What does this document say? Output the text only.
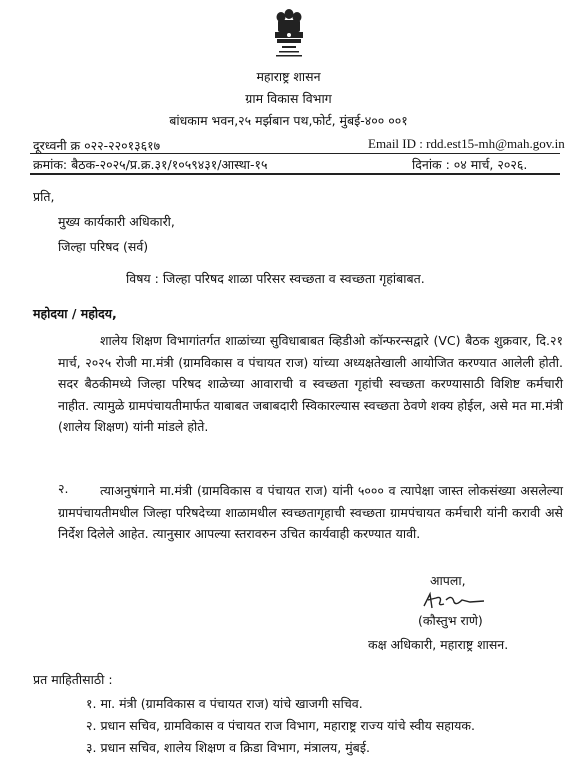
महाराष्ट्र शासन
ग्राम विकास विभाग
बांधकाम भवन,२५ मर्झबान पथ,फोर्ट, मुंबई-४०० ००१
दूरध्वनी क्र ०२२-२२०१३६१७	Email ID : rdd.est15-mh@mah.gov.in
क्रमांक: बैठक-२०२५/प्र.क्र.३१/१०५९४३१/आस्था-१५	दिनांक : ०४ मार्च, २०२६.
प्रति,
मुख्य कार्यकारी अधिकारी,
जिल्हा परिषद (सर्व)
विषय : जिल्हा परिषद शाळा परिसर स्वच्छता व स्वच्छता गृहांबाबत.
महोदया / महोदय,
शालेय शिक्षण विभागांतर्गत शाळांच्या सुविधाबाबत व्हिडीओ कॉन्फरन्सद्वारे (VC) बैठक शुक्रवार, दि.२१ मार्च, २०२५ रोजी मा.मंत्री (ग्रामविकास व पंचायत राज) यांच्या अध्यक्षतेखाली आयोजित करण्यात आलेली होती. सदर बैठकीमध्ये जिल्हा परिषद शाळेच्या आवाराची व स्वच्छता गृहांची स्वच्छता करण्यासाठी विशिष्ट कर्मचारी नाहीत. त्यामुळे ग्रामपंचायतीमार्फत याबाबत जबाबदारी स्विकारल्यास स्वच्छता ठेवणे शक्य होईल, असे मत मा.मंत्री (शालेय शिक्षण) यांनी मांडले होते.
२.	त्याअनुषंगाने मा.मंत्री (ग्रामविकास व पंचायत राज) यांनी ५००० व त्यापेक्षा जास्त लोकसंख्या असलेल्या ग्रामपंचायतीमधील जिल्हा परिषदेच्या शाळामधील स्वच्छतागृहाची स्वच्छता ग्रामपंचायत कर्मचारी यांनी करावी असे निर्देश दिलेले आहेत. त्यानुसार आपल्या स्तरावरुन उचित कार्यवाही करण्यात यावी.
आपला,
(कौस्तुभ राणे)
कक्ष अधिकारी, महाराष्ट्र शासन.
प्रत माहितीसाठी :
१. मा. मंत्री (ग्रामविकास व पंचायत राज) यांचे खाजगी सचिव.
२. प्रधान सचिव, ग्रामविकास व पंचायत राज विभाग, महाराष्ट्र राज्य यांचे स्वीय सहायक.
३. प्रधान सचिव, शालेय शिक्षण व क्रिडा विभाग, मंत्रालय, मुंबई.
